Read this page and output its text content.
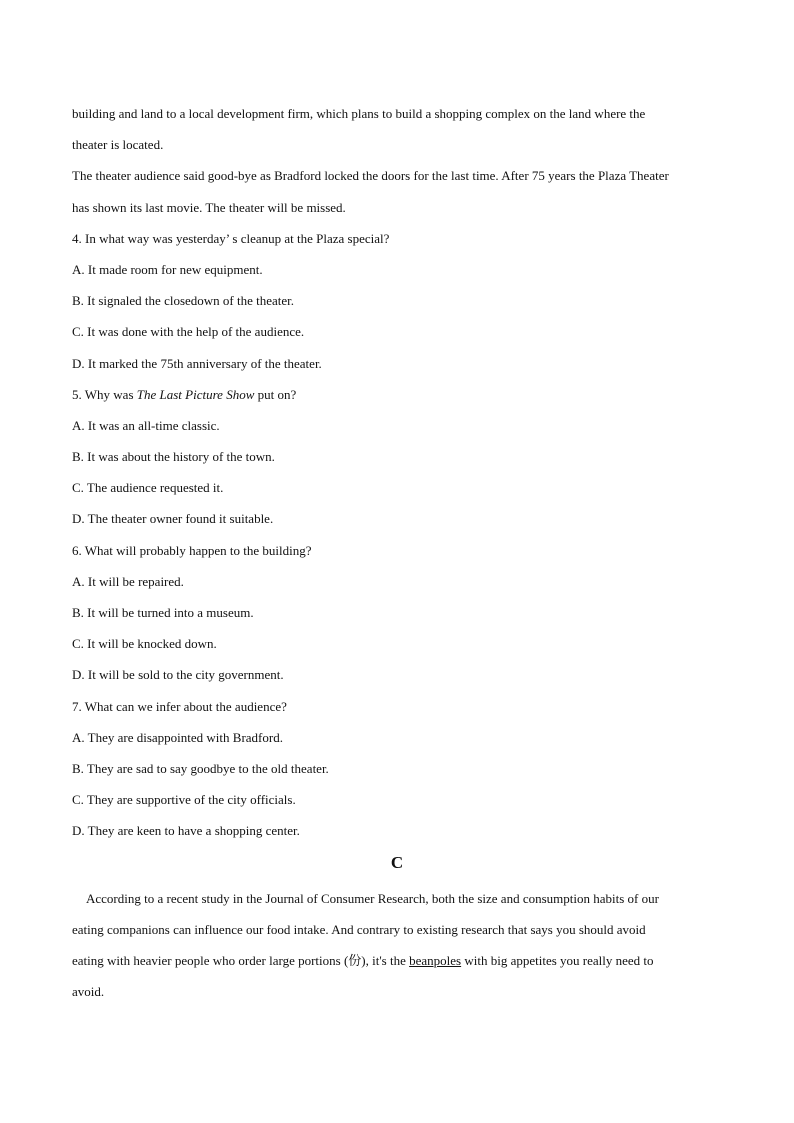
building and land to a local development firm, which plans to build a shopping complex on the land where the
theater is located.
The theater audience said good-bye as Bradford locked the doors for the last time. After 75 years the Plaza Theater
has shown its last movie. The theater will be missed.
4. In what way was yesterday’ s cleanup at the Plaza special?
A. It made room for new equipment.
B. It signaled the closedown of the theater.
C. It was done with the help of the audience.
D. It marked the 75th anniversary of the theater.
5. Why was The Last Picture Show put on?
A. It was an all-time classic.
B. It was about the history of the town.
C. The audience requested it.
D. The theater owner found it suitable.
6. What will probably happen to the building?
A. It will be repaired.
B. It will be turned into a museum.
C. It will be knocked down.
D. It will be sold to the city government.
7. What can we infer about the audience?
A. They are disappointed with Bradford.
B. They are sad to say goodbye to the old theater.
C. They are supportive of the city officials.
D. They are keen to have a shopping center.
C
According to a recent study in the Journal of Consumer Research, both the size and consumption habits of our
eating companions can influence our food intake. And contrary to existing research that says you should avoid
eating with heavier people who order large portions (份), it's the beanpoles with big appetites you really need to
avoid.
